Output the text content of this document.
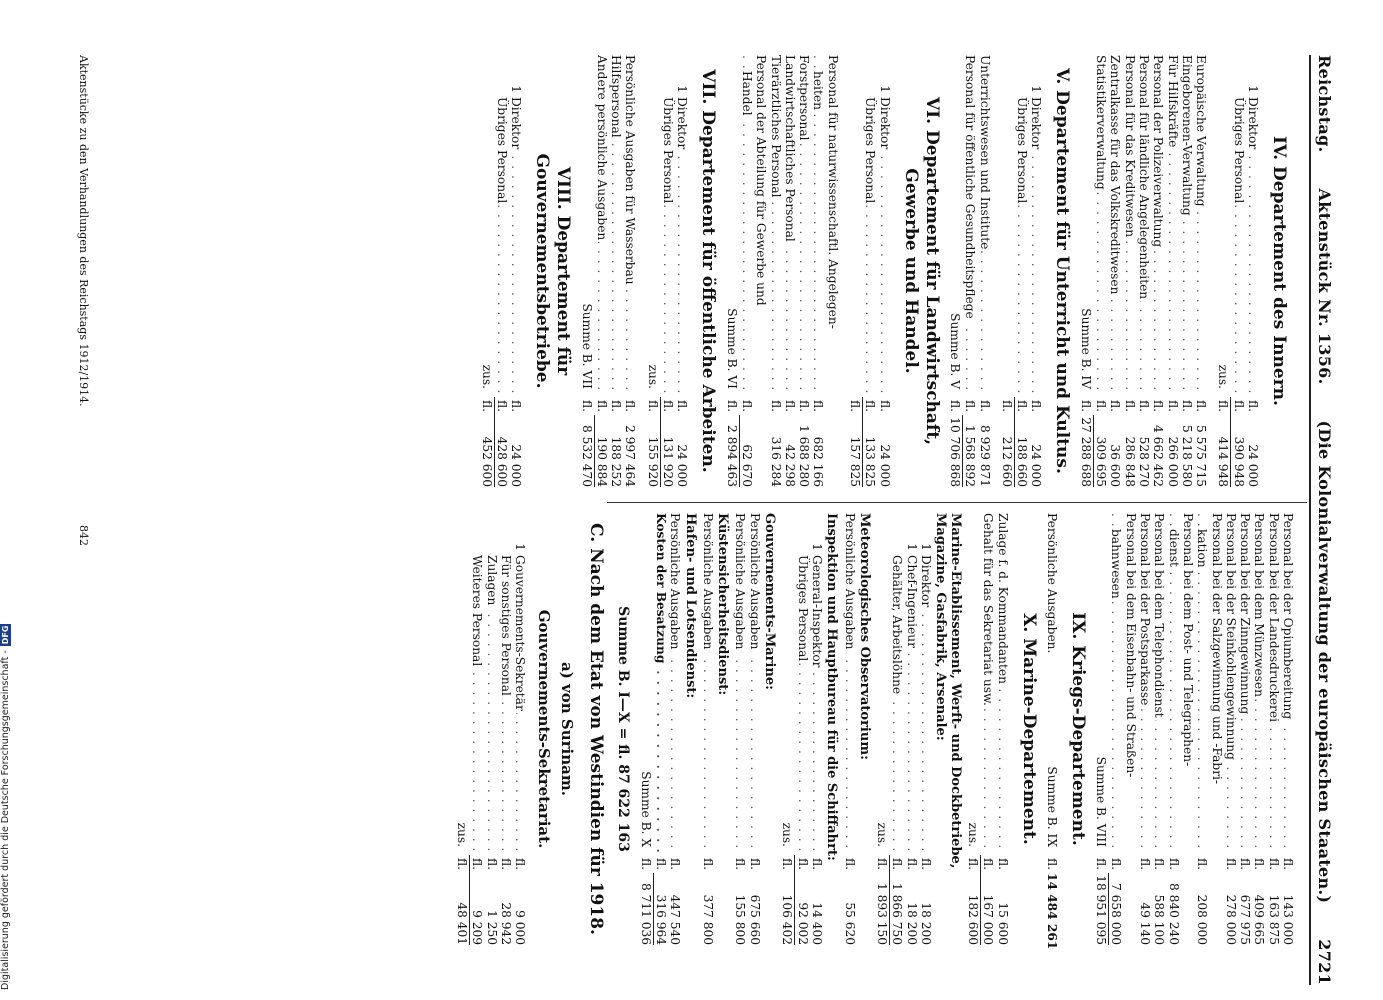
Reichstag.
Aktenstück Nr. 1356.
(Die Kolonialverwaltung der europäischen Staaten.)
2721
IV. Departement des Innern.
1
Direktor . . .
fl.
24 000
Übriges Personal . . .
fl.
390 948
zus.
fl.
414 948
Europäische Verwaltung . . .
fl.
5 575 715
Eingeborenen-Verwaltung . . .
fl.
5 218 580
Für Hilfskräfte . . .
fl.
266 000
Personal der Polizeiverwaltung . . .
fl.
4 662 462
Personal für ländliche Angelegenheiten . . .
fl.
528 270
Personal für das Kreditwesen . . .
fl.
286 848
Zentralkasse für das Volkskreditwesen . . .
fl.
36 600
Statistikerverwaltung . . .
fl.
309 695
Summe B. IV
fl.
27 288 688
V. Departement für Unterricht und Kultus.
1
Direktor . . .
fl.
24 000
Übriges Personal . . .
fl.
188 660
fl.
212 660
Unterrichtswesen und Institute . . .
fl.
8 929 871
Personal für öffentliche Gesundheitspflege . . .
fl.
1 568 892
Summe B. V
fl.
10 706 868
VI. Departement für Landwirtschaft, Gewerbe und Handel.
1
Direktor . . .
fl.
24 000
Übriges Personal . . .
fl.
133 825
fl.
157 825
Personal für naturwissenschaftl. Angelegen-
heiten . . .
fl.
682 166
Forstpersonal . . .
fl.
1 688 280
Landwirtschaftliches Personal . . .
fl.
42 298
Tierärztliches Personal . . .
fl.
316 284
Personal der Abteilung für Gewerbe und
Handel . . .
fl.
62 670
Summe B. VI
fl.
2 894 463
VII. Departement für öffentliche Arbeiten.
1
Direktor . . .
fl.
24 000
Übriges Personal . . .
fl.
131 920
zus.
fl.
155 920
Persönliche Ausgaben für Wasserbau . . .
fl.
2 997 464
Hilfspersonal . . .
fl.
188 252
Andere persönliche Ausgaben . . .
fl.
190 884
Summe B. VII
fl.
8 532 470
VIII. Departement für Gouvernementsbetriebe.
1
Direktor . . .
fl.
24 000
Übriges Personal . . .
fl.
428 600
zus.
fl.
452 600
Personal bei der Opiumbereitung . . .
fl.
143 000
Personal bei der Landesdruckerei . . .
fl.
163 875
Personal bei dem Münzwesen . . .
fl.
409 665
Personal bei der Zinngewinnung . . .
fl.
677 975
Personal bei der Steinkohlengewinnung . . .
fl.
278 000
Personal bei der Salzgewinnung und -Fabri-
kation . . .
fl.
208 000
Personal bei dem Post- und Telegraphen-
dienst . . .
fl.
8 840 240
Personal bei dem Telephondienst . . .
fl.
588 100
Personal bei der Postsparkasse . . .
fl.
49 140
Personal bei dem Eisenbahn- und Straßen-
bahnwesen . . .
fl.
7 658 000
Summe B. VIII
fl.
18 951 095
IX. Kriegs-Departement.
Persönliche Ausgaben.
Summe B. IX
fl.
14 484 261
X. Marine-Departement.
Zulage f. d. Kommandanten . . .
fl.
15 600
Gehalt für das Sekretariat usw. . . .
fl.
167 000
zus.
fl.
182 600
Marine-Etablissement, Werft- und Dockbetriebe, Magazine, Gasfabrik, Arsenale:
1
Direktor . . .
fl.
18 200
1
Chef-Ingenieur . . .
fl.
18 200
Gehälter, Arbeitslöhne . . .
fl.
1 866 750
zus.
fl.
1 893 150
Meteorologisches Observatorium:
Persönliche Ausgaben . . .
fl.
55 620
Inspektion und Hauptbureau für die Schiffahrt:
1
General-Inspektor . . .
fl.
14 400
Übriges Personal . . .
fl.
92 002
zus.
fl.
106 402
Gouvernements-Marine:
Persönliche Ausgaben . . .
fl.
675 660
Persönliche Ausgaben . . .
fl.
155 800
Küstensicherheitsdienst:
Persönliche Ausgaben . . .
fl.
377 800
Hafen- und Lotsendienst:
Persönliche Ausgaben . . .
fl.
447 540
Kosten der Besatzung . . .
fl.
316 964
Summe B. X
fl.
8 711 036
Summe B. I—X = fl. 87 622 163
C. Nach dem Etat von Westindien für 1918.
a) von Surinam.
Gouvernements-Sekretariat.
1
Gouvernements-Sekretär . . .
fl.
9 000
Für sonstiges Personal . . .
fl.
28 942
Zulagen . . .
fl.
1 250
Weiteres Personal . . .
fl.
9 209
zus.
fl.
48 401
Aktenstücke zu den Verhandlungen des Reichstags 1912/1914.
842
Digitalisierung gefördert durch die Deutsche Forschungsgemeinschaft -
DFG
